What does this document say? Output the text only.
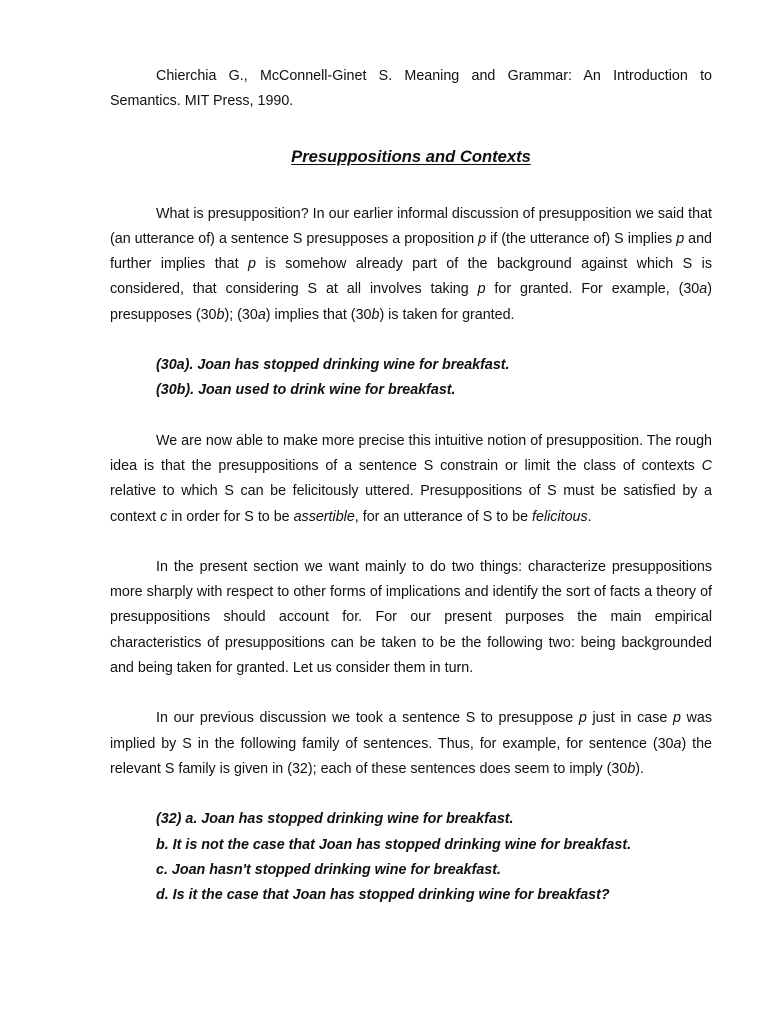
Chierchia G., McConnell-Ginet S. Meaning and Grammar: An Introduction to Semantics. MIT Press, 1990.

Presuppositions and Contexts

What is presupposition? In our earlier informal discussion of presupposition we said that (an utterance of) a sentence S presupposes a proposition p if (the utterance of) S implies p and further implies that p is somehow already part of the background against which S is considered, that considering S at all involves taking p for granted. For example, (30a) presupposes (30b); (30a) implies that (30b) is taken for granted.

(30a). Joan has stopped drinking wine for breakfast.

(30b). Joan used to drink wine for breakfast.

We are now able to make more precise this intuitive notion of presupposition. The rough idea is that the presuppositions of a sentence S constrain or limit the class of contexts C relative to which S can be felicitously uttered. Presuppositions of S must be satisfied by a context c in order for S to be assertible, for an utterance of S to be felicitous.

In the present section we want mainly to do two things: characterize presuppositions more sharply with respect to other forms of implications and identify the sort of facts a theory of presuppositions should account for. For our present purposes the main empirical characteristics of presuppositions can be taken to be the following two: being backgrounded and being taken for granted. Let us consider them in turn.

In our previous discussion we took a sentence S to presuppose p just in case p was implied by S in the following family of sentences. Thus, for example, for sentence (30a) the relevant S family is given in (32); each of these sentences does seem to imply (30b).

(32) a. Joan has stopped drinking wine for breakfast.

b. It is not the case that Joan has stopped drinking wine for breakfast.

c. Joan hasn't stopped drinking wine for breakfast.

d. Is it the case that Joan has stopped drinking wine for breakfast?
